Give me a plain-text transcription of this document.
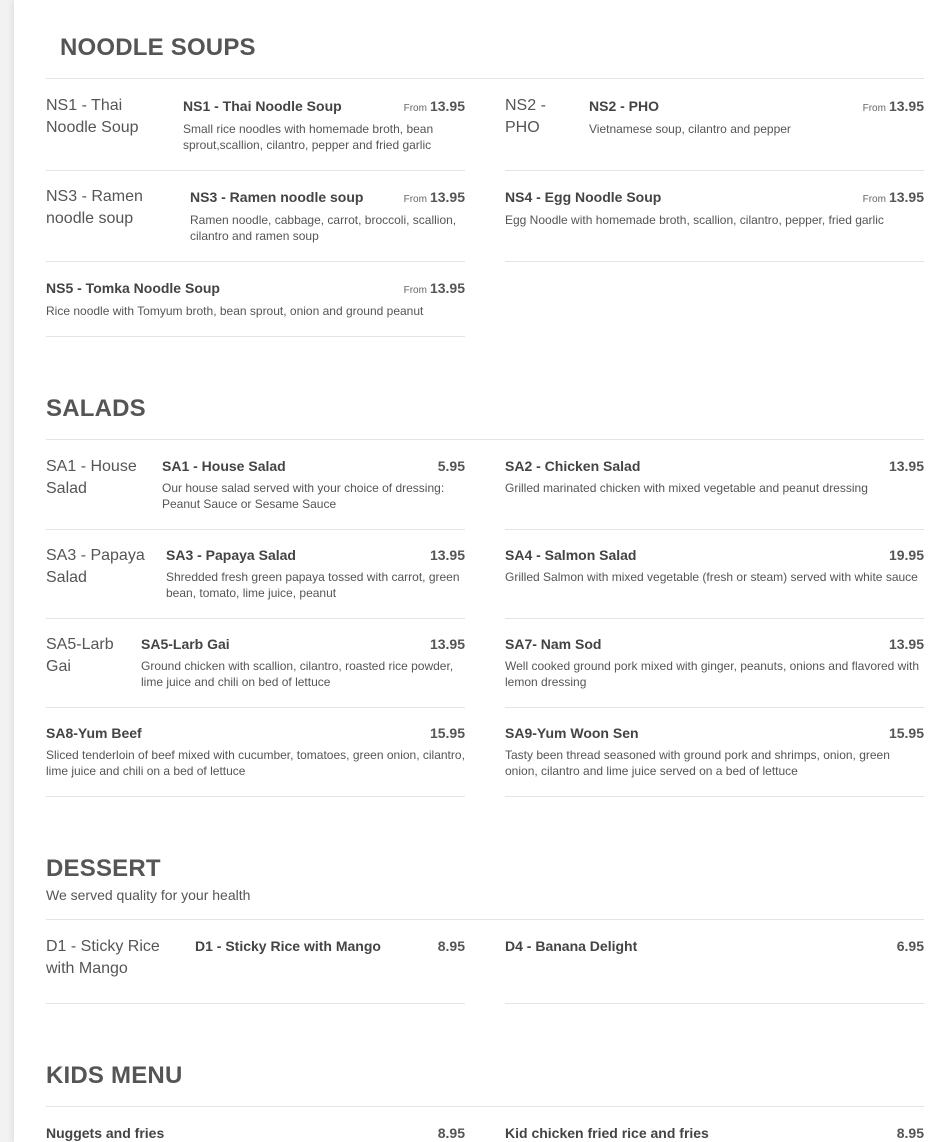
NOODLE SOUPS
NS1 - Thai Noodle Soup
NS1 - Thai Noodle Soup	From 13.95
Small rice noodles with homemade broth, bean sprout,scallion, cilantro, pepper and fried garlic
NS2 - PHO
NS2 - PHO	From 13.95
Vietnamese soup, cilantro and pepper
NS3 - Ramen noodle soup
NS3 - Ramen noodle soup	From 13.95
Ramen noodle, cabbage, carrot, broccoli, scallion, cilantro and ramen soup
NS4 - Egg Noodle Soup	From 13.95
Egg Noodle with homemade broth, scallion, cilantro, pepper, fried garlic
NS5 - Tomka Noodle Soup	From 13.95
Rice noodle with Tomyum broth, bean sprout, onion and ground peanut
SALADS
SA1 - House Salad
SA1 - House Salad	5.95
Our house salad served with your choice of dressing: Peanut Sauce or Sesame Sauce
SA2 - Chicken Salad	13.95
Grilled marinated chicken with mixed vegetable and peanut dressing
SA3 - Papaya Salad
SA3 - Papaya Salad	13.95
Shredded fresh green papaya tossed with carrot, green bean, tomato, lime juice, peanut
SA4 - Salmon Salad	19.95
Grilled Salmon with mixed vegetable (fresh or steam) served with white sauce
SA5-Larb Gai
SA5-Larb Gai	13.95
Ground chicken with scallion, cilantro, roasted rice powder, lime juice and chili on bed of lettuce
SA7- Nam Sod	13.95
Well cooked ground pork mixed with ginger, peanuts, onions and flavored with lemon dressing
SA8-Yum Beef	15.95
Sliced tenderloin of beef mixed with cucumber, tomatoes, green onion, cilantro, lime juice and chili on a bed of lettuce
SA9-Yum Woon Sen	15.95
Tasty been thread seasoned with ground pork and shrimps, onion, green onion, cilantro and lime juice served on a bed of lettuce
DESSERT
We served quality for your health
D1 - Sticky Rice with Mango
D1 - Sticky Rice with Mango	8.95	D4 - Banana Delight	6.95
KIDS MENU
Nuggets and fries	8.95	Kid chicken fried rice and fries	8.95
